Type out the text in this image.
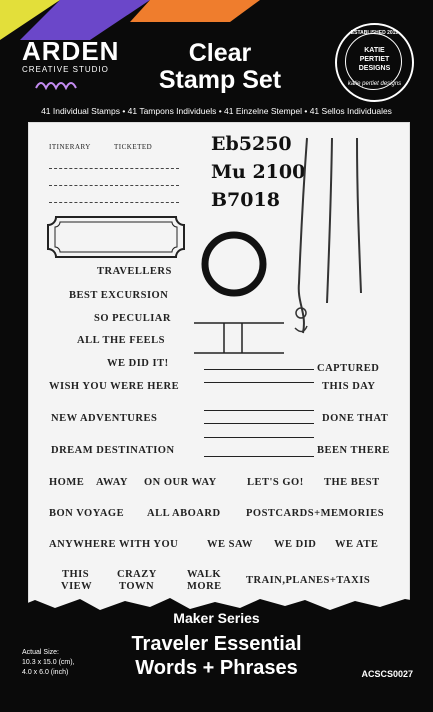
ARDEN
CREATIVE STUDIO
Clear
Stamp Set
ESTABLISHED 2019
KATIE
PERTIET
DESIGNS
katie pertiet designs
41 Individual Stamps • 41 Tampons Individuels • 41 Einzelne Stempel • 41 Sellos Individuales
ITINERARY	TICKETED	Eb5250
Mu 2100
B7018
TRAVELLERS
BEST EXCURSION
SO PECULIAR
ALL THE FEELS
WE DID IT!	CAPTURED
WISH YOU WERE HERE	THIS DAY
NEW ADVENTURES	DONE THAT
DREAM DESTINATION	BEEN THERE
HOME AWAY ON OUR WAY	LET'S GO! THE BEST
BON VOYAGE ALL ABOARD POSTCARDS+MEMORIES
ANYWHERE WITH YOU	WE SAW WE DID WE ATE
THIS
VIEW
CRAZY
TOWN
WALK
MORE
TRAIN,PLANES+TAXIS
Maker Series
Traveler Essential
Words + Phrases
Actual Size:
10.3 x 15.0 (cm),
4.0 x 6.0 (inch)	ACSCS0027
